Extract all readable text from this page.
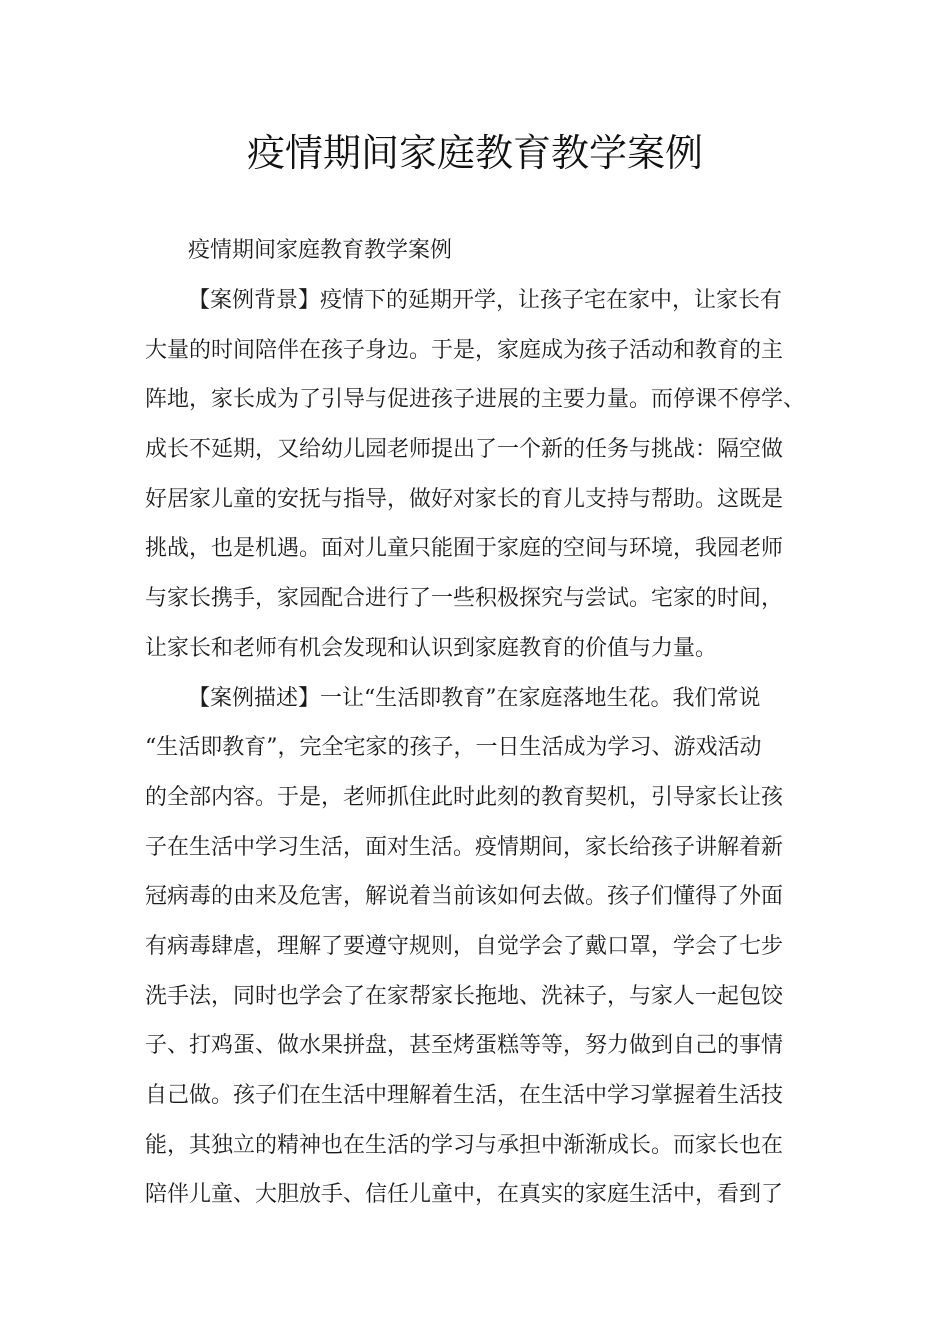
疫情期间家庭教育教学案例
疫情期间家庭教育教学案例
【案例背景】疫情下的延期开学，让孩子宅在家中，让家长有
大量的时间陪伴在孩子身边。于是，家庭成为孩子活动和教育的主
阵地，家长成为了引导与促进孩子进展的主要力量。而停课不停学、
成长不延期，又给幼儿园老师提出了一个新的任务与挑战：隔空做
好居家儿童的安抚与指导，做好对家长的育儿支持与帮助。这既是
挑战，也是机遇。面对儿童只能囿于家庭的空间与环境，我园老师
与家长携手，家园配合进行了一些积极探究与尝试。宅家的时间，
让家长和老师有机会发现和认识到家庭教育的价值与力量。
【案例描述】一让“生活即教育”在家庭落地生花。我们常说
“生活即教育”，完全宅家的孩子，一日生活成为学习、游戏活动
的全部内容。于是，老师抓住此时此刻的教育契机，引导家长让孩
子在生活中学习生活，面对生活。疫情期间，家长给孩子讲解着新
冠病毒的由来及危害，解说着当前该如何去做。孩子们懂得了外面
有病毒肆虐，理解了要遵守规则，自觉学会了戴口罩，学会了七步
洗手法，同时也学会了在家帮家长拖地、洗袜子，与家人一起包饺
子、打鸡蛋、做水果拼盘，甚至烤蛋糕等等，努力做到自己的事情
自己做。孩子们在生活中理解着生活，在生活中学习掌握着生活技
能，其独立的精神也在生活的学习与承担中渐渐成长。而家长也在
陪伴儿童、大胆放手、信任儿童中，在真实的家庭生活中，看到了
